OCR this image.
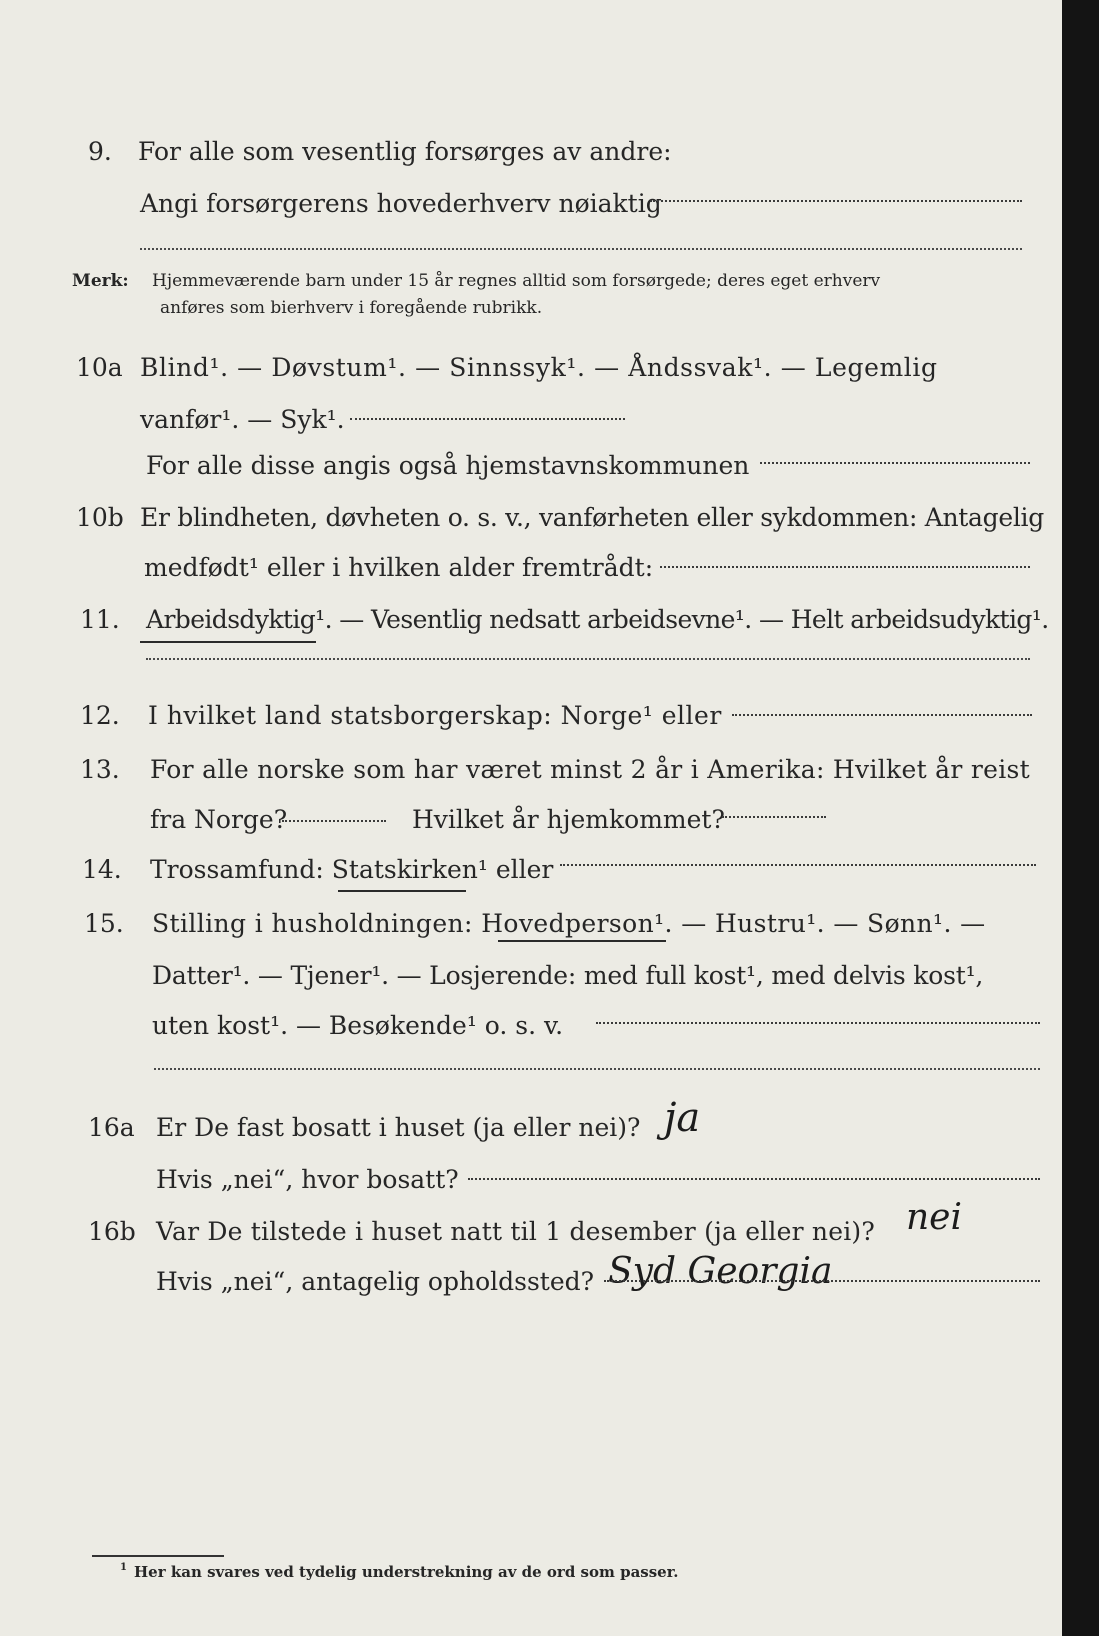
9. For alle som vesentlig forsørges av andre:
Angi forsørgerens hovederhverv nøiaktig
Merk: Hjemmeværende barn under 15 år regnes alltid som forsørgede; deres eget erhverv
anføres som bierhverv i foregående rubrikk.
10a Blind¹. — Døvstum¹. — Sinnssyk¹. — Åndssvak¹. — Legemlig
vanfør¹. — Syk¹.
For alle disse angis også hjemstavnskommunen
10b Er blindheten, døvheten o. s. v., vanførheten eller sykdommen: Antagelig
medfødt¹ eller i hvilken alder fremtrådt:
11. Arbeidsdyktig¹. — Vesentlig nedsatt arbeidsevne¹. — Helt arbeidsudyktig¹.
12. I hvilket land statsborgerskap: Norge¹ eller
13. For alle norske som har været minst 2 år i Amerika: Hvilket år reist
fra Norge?	Hvilket år hjemkommet?
14. Trossamfund: Statskirken¹ eller
15. Stilling i husholdningen: Hovedperson¹. — Hustru¹. — Sønn¹. —
Datter¹. — Tjener¹. — Losjerende: med full kost¹, med delvis kost¹,
uten kost¹. — Besøkende¹ o. s. v.
16a Er De fast bosatt i huset (ja eller nei)? ja
Hvis „nei“, hvor bosatt?
16b Var De tilstede i huset natt til 1 desember (ja eller nei)? nei
Hvis „nei“, antagelig opholdssted? Syd Georgia
1 Her kan svares ved tydelig understrekning av de ord som passer.
